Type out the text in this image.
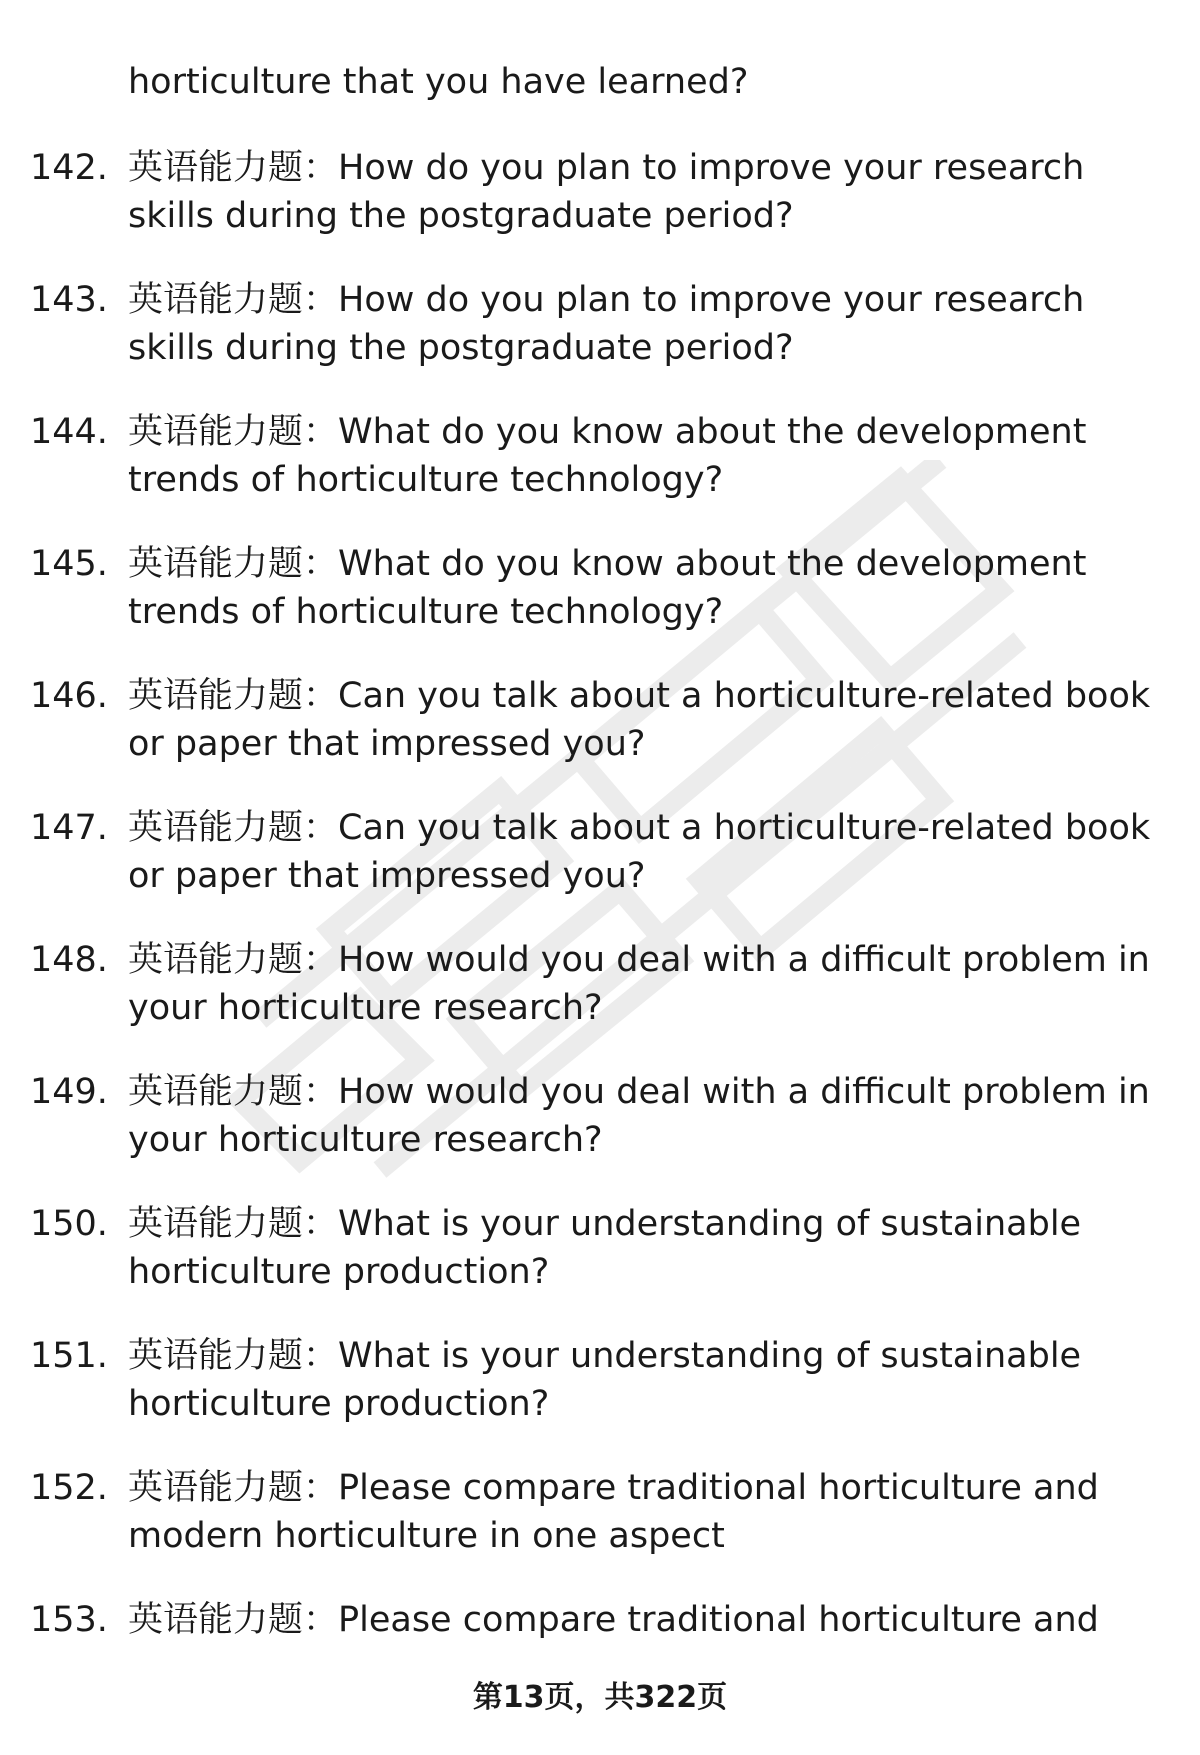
horticulture that you have learned?
142. 英语能力题：How do you plan to improve your research
skills during the postgraduate period?
143. 英语能力题：How do you plan to improve your research
skills during the postgraduate period?
144. 英语能力题：What do you know about the development
trends of horticulture technology?
145. 英语能力题：What do you know about the development
trends of horticulture technology?
146. 英语能力题：Can you talk about a horticulture-related book
or paper that impressed you?
147. 英语能力题：Can you talk about a horticulture-related book
or paper that impressed you?
148. 英语能力题：How would you deal with a difficult problem in
your horticulture research?
149. 英语能力题：How would you deal with a difficult problem in
your horticulture research?
150. 英语能力题：What is your understanding of sustainable
horticulture production?
151. 英语能力题：What is your understanding of sustainable
horticulture production?
152. 英语能力题：Please compare traditional horticulture and
modern horticulture in one aspect
153. 英语能力题：Please compare traditional horticulture and
第13页，共322页
